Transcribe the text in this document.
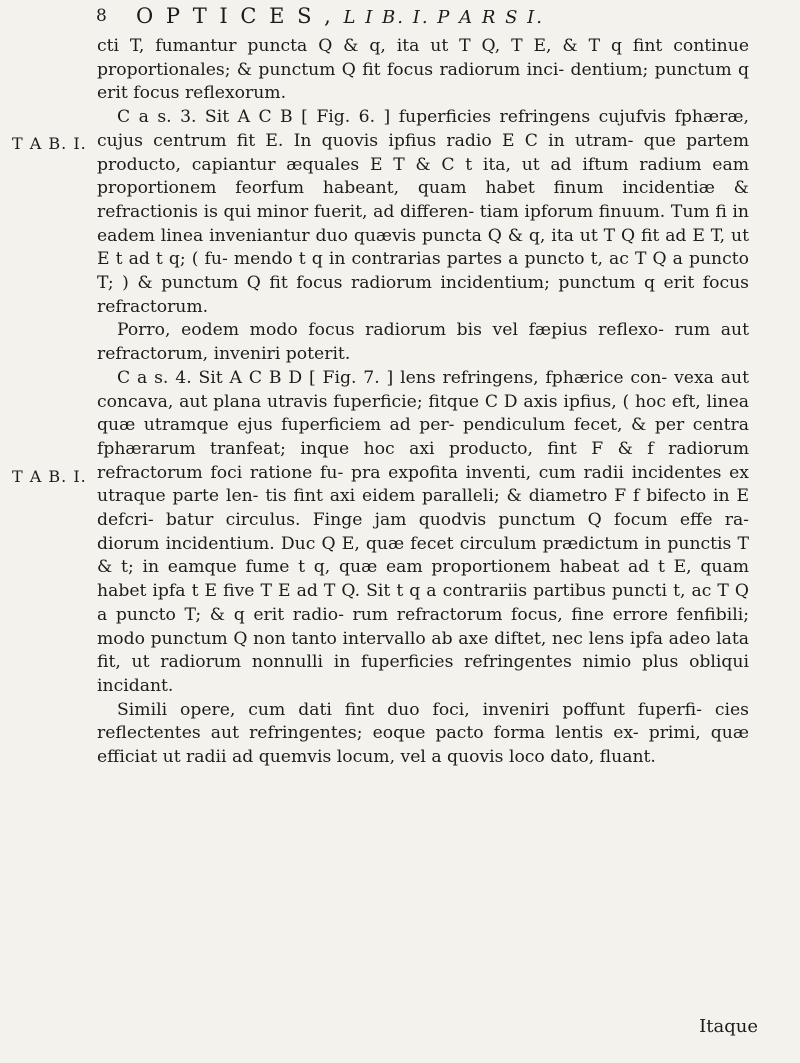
8 O P T I C E S , L I B. I. P A R S I.
T A B. I.
T A B. I.

cti T, fumantur puncta Q & q, ita ut T Q, T E, & T q fint continue proportionales; & punctum Q fit focus radiorum inci- dentium; punctum q erit focus reflexorum.

C a s. 3. Sit A C B [ Fig. 6. ] fuperficies refringens cujufvis fphæræ, cujus centrum fit E. In quovis ipfius radio E C in utram- que partem producto, capiantur æquales E T & C t ita, ut ad iftum radium eam proportionem feorfum habeant, quam habet finum incidentiæ & refractionis is qui minor fuerit, ad differen- tiam ipforum finuum. Tum fi in eadem linea inveniantur duo quævis puncta Q & q, ita ut T Q fit ad E T, ut E t ad t q; ( fu- mendo t q in contrarias partes a puncto t, ac T Q a puncto T; ) & punctum Q fit focus radiorum incidentium; punctum q erit focus refractorum.

Porro, eodem modo focus radiorum bis vel fæpius reflexo- rum aut refractorum, inveniri poterit.

C a s. 4. Sit A C B D [ Fig. 7. ] lens refringens, fphærice con- vexa aut concava, aut plana utravis fuperficie; fitque C D axis ipfius, ( hoc eft, linea quæ utramque ejus fuperficiem ad per- pendiculum fecet, & per centra fphærarum tranfeat; inque hoc axi producto, fint F & f radiorum refractorum foci ratione fu- pra expofita inventi, cum radii incidentes ex utraque parte len- tis fint axi eidem paralleli; & diametro F f bifecto in E defcri- batur circulus. Finge jam quodvis punctum Q focum effe ra- diorum incidentium. Duc Q E, quæ fecet circulum prædictum in punctis T & t; in eamque fume t q, quæ eam proportionem habeat ad t E, quam habet ipfa t E five T E ad T Q. Sit t q a contrariis partibus puncti t, ac T Q a puncto T; & q erit radio- rum refractorum focus, fine errore fenfibili; modo punctum Q non tanto intervallo ab axe diftet, nec lens ipfa adeo lata fit, ut radiorum nonnulli in fuperficies refringentes nimio plus obliqui incidant.

Simili opere, cum dati fint duo foci, inveniri poffunt fuperfi- cies reflectentes aut refringentes; eoque pacto forma lentis ex- primi, quæ efficiat ut radii ad quemvis locum, vel a quovis loco dato, fluant.

Itaque
